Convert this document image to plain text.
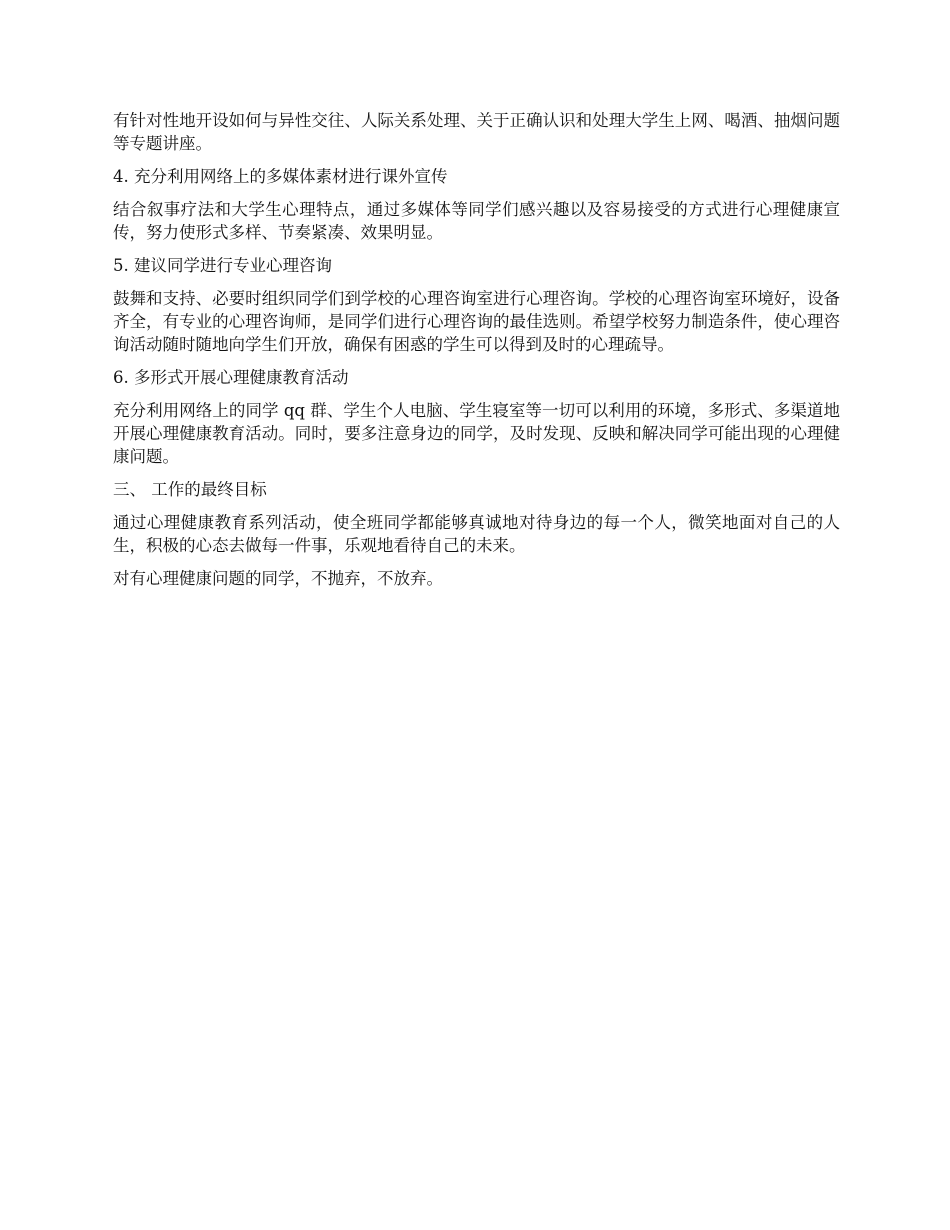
有针对性地开设如何与异性交往、人际关系处理、关于正确认识和处理大学生上网、喝酒、抽烟问题等专题讲座。

4. 充分利用网络上的多媒体素材进行课外宣传

结合叙事疗法和大学生心理特点，通过多媒体等同学们感兴趣以及容易接受的方式进行心理健康宣传，努力使形式多样、节奏紧凑、效果明显。

5. 建议同学进行专业心理咨询

鼓舞和支持、必要时组织同学们到学校的心理咨询室进行心理咨询。学校的心理咨询室环境好，设备齐全，有专业的心理咨询师，是同学们进行心理咨询的最佳选则。希望学校努力制造条件，使心理咨询活动随时随地向学生们开放，确保有困惑的学生可以得到及时的心理疏导。

6. 多形式开展心理健康教育活动

充分利用网络上的同学 qq 群、学生个人电脑、学生寝室等一切可以利用的环境，多形式、多渠道地开展心理健康教育活动。同时，要多注意身边的同学，及时发现、反映和解决同学可能出现的心理健康问题。

三、 工作的最终目标

通过心理健康教育系列活动，使全班同学都能够真诚地对待身边的每一个人，微笑地面对自己的人生，积极的心态去做每一件事，乐观地看待自己的未来。

对有心理健康问题的同学，不抛弃，不放弃。
